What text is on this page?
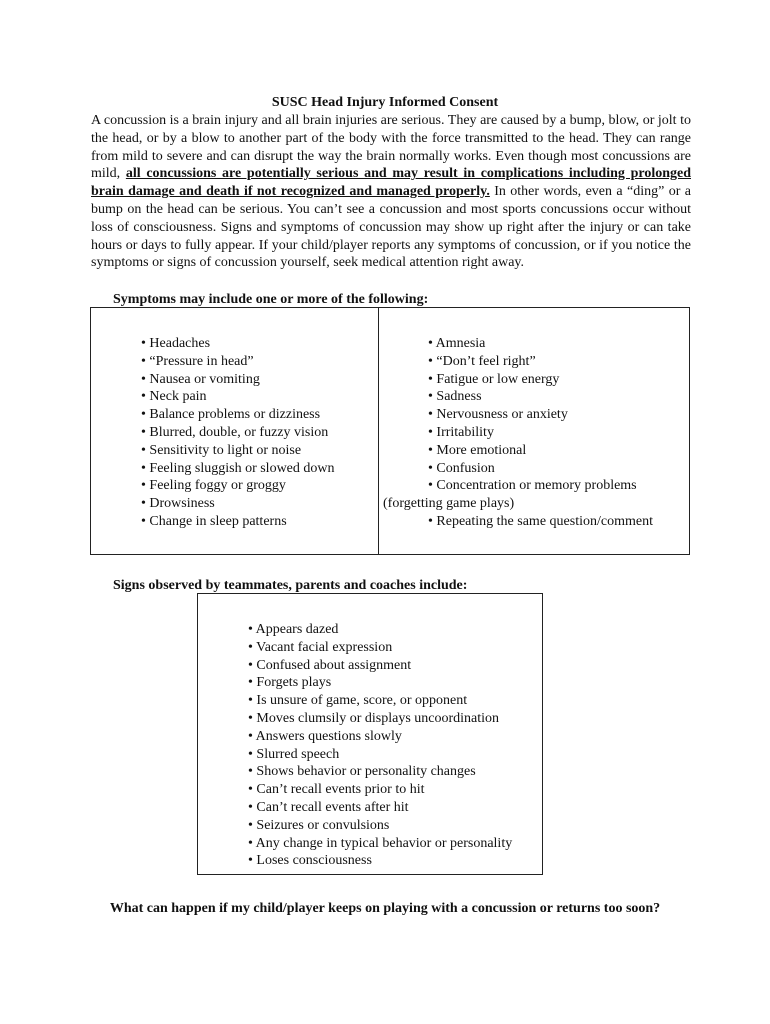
SUSC Head Injury Informed Consent

A concussion is a brain injury and all brain injuries are serious. They are caused by a bump, blow, or jolt to the head, or by a blow to another part of the body with the force transmitted to the head. They can range from mild to severe and can disrupt the way the brain normally works. Even though most concussions are mild, all concussions are potentially serious and may result in complications including prolonged brain damage and death if not recognized and managed properly. In other words, even a “ding” or a bump on the head can be serious. You can’t see a concussion and most sports concussions occur without loss of consciousness. Signs and symptoms of concussion may show up right after the injury or can take hours or days to fully appear. If your child/player reports any symptoms of concussion, or if you notice the symptoms or signs of concussion yourself, seek medical attention right away.

Symptoms may include one or more of the following:
• Headaches
• “Pressure in head”
• Nausea or vomiting
• Neck pain
• Balance problems or dizziness
• Blurred, double, or fuzzy vision
• Sensitivity to light or noise
• Feeling sluggish or slowed down
• Feeling foggy or groggy
• Drowsiness
• Change in sleep patterns
• Amnesia
• “Don’t feel right”
• Fatigue or low energy
• Sadness
• Nervousness or anxiety
• Irritability
• More emotional
• Confusion
• Concentration or memory problems
(forgetting game plays)
• Repeating the same question/comment
Signs observed by teammates, parents and coaches include:
• Appears dazed
• Vacant facial expression
• Confused about assignment
• Forgets plays
• Is unsure of game, score, or opponent
• Moves clumsily or displays uncoordination
• Answers questions slowly
• Slurred speech
• Shows behavior or personality changes
• Can’t recall events prior to hit
• Can’t recall events after hit
• Seizures or convulsions
• Any change in typical behavior or personality
• Loses consciousness
What can happen if my child/player keeps on playing with a concussion or returns too soon?
